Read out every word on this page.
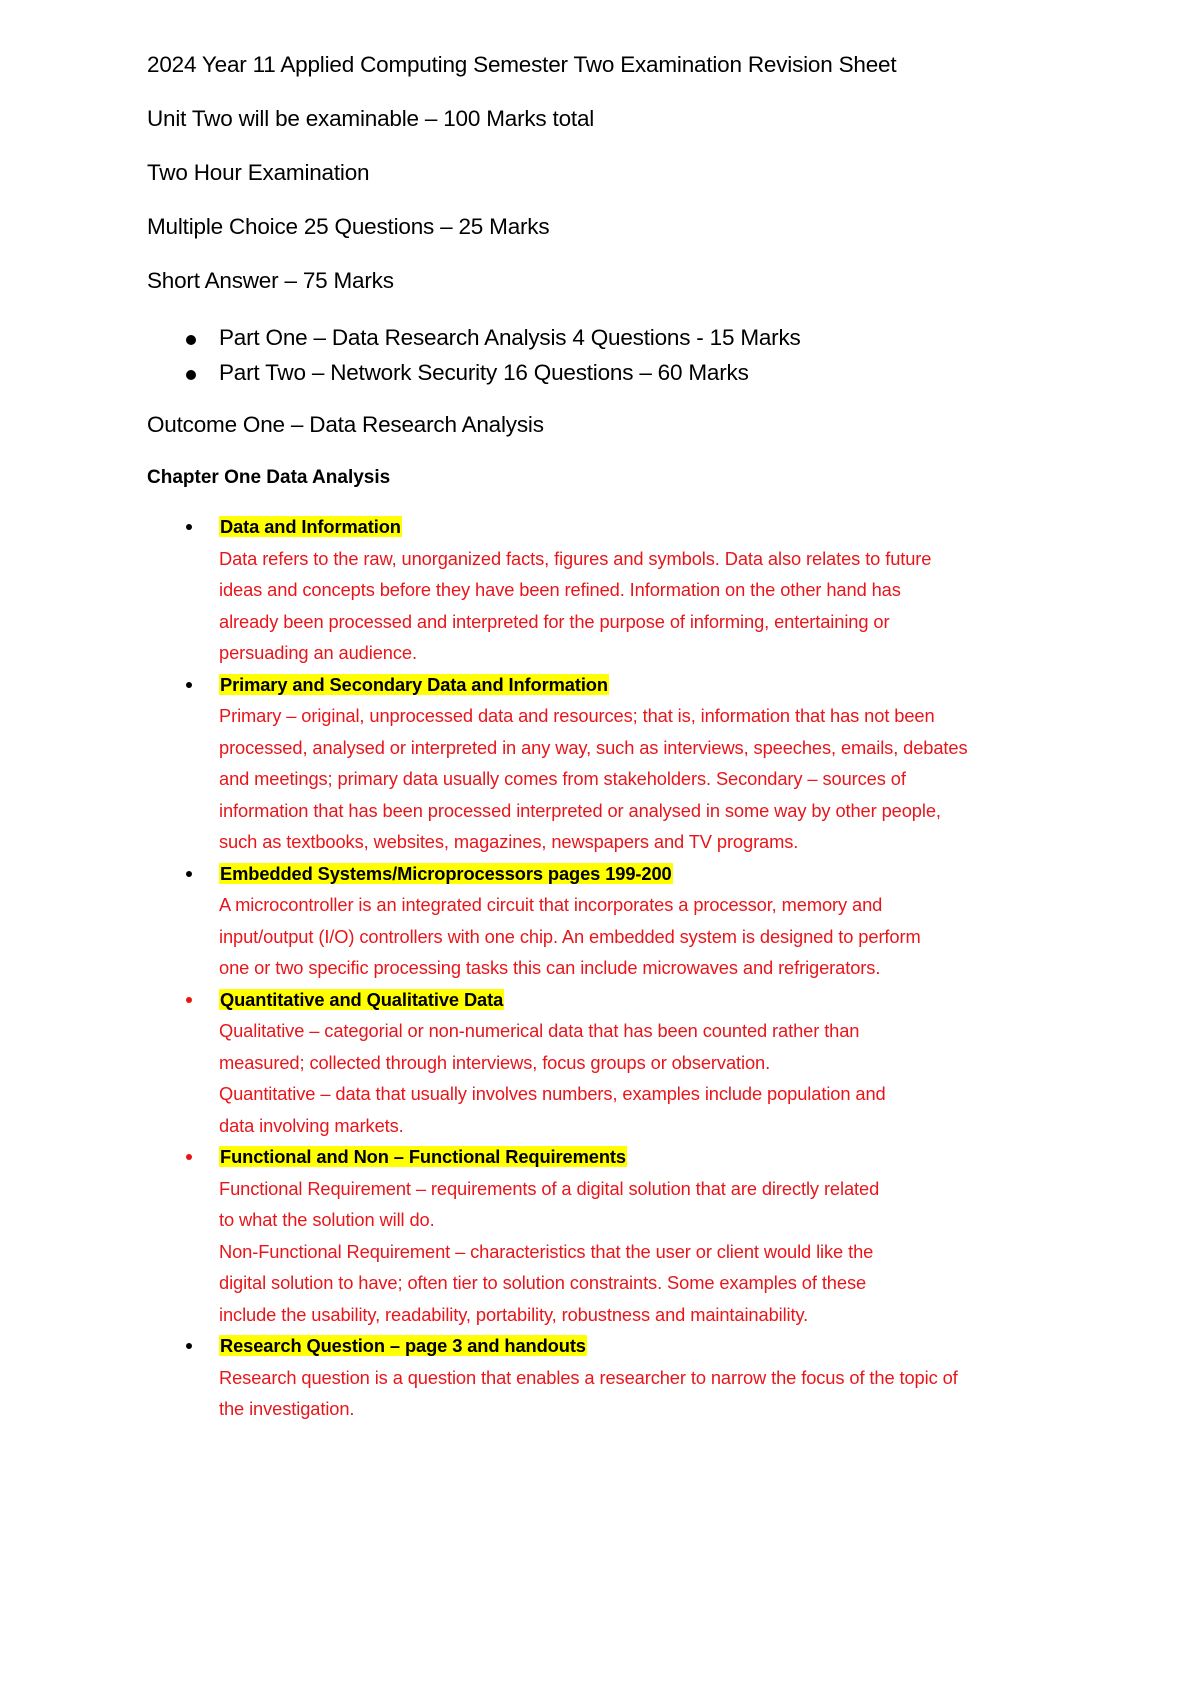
2024 Year 11 Applied Computing Semester Two Examination Revision Sheet

Unit Two will be examinable – 100 Marks total

Two Hour Examination

Multiple Choice 25 Questions – 25 Marks

Short Answer – 75 Marks

Part One – Data Research Analysis 4 Questions - 15 Marks
Part Two – Network Security 16 Questions – 60 Marks

Outcome One – Data Research Analysis

Chapter One Data Analysis

Data and Information
Data refers to the raw, unorganized facts, figures and symbols. Data also relates to future
ideas and concepts before they have been refined. Information on the other hand has
already been processed and interpreted for the purpose of informing, entertaining or
persuading an audience.
Primary and Secondary Data and Information
Primary – original, unprocessed data and resources; that is, information that has not been
processed, analysed or interpreted in any way, such as interviews, speeches, emails, debates
and meetings; primary data usually comes from stakeholders. Secondary – sources of
information that has been processed interpreted or analysed in some way by other people,
such as textbooks, websites, magazines, newspapers and TV programs.
Embedded Systems/Microprocessors pages 199-200
A microcontroller is an integrated circuit that incorporates a processor, memory and
input/output (I/O) controllers with one chip. An embedded system is designed to perform
one or two specific processing tasks this can include microwaves and refrigerators.
Quantitative and Qualitative Data
Qualitative – categorial or non-numerical data that has been counted rather than
measured; collected through interviews, focus groups or observation.
Quantitative – data that usually involves numbers, examples include population and
data involving markets.
Functional and Non – Functional Requirements
Functional Requirement – requirements of a digital solution that are directly related
to what the solution will do.
Non-Functional Requirement – characteristics that the user or client would like the
digital solution to have; often tier to solution constraints. Some examples of these
include the usability, readability, portability, robustness and maintainability.
Research Question – page 3 and handouts
Research question is a question that enables a researcher to narrow the focus of the topic of
the investigation.
